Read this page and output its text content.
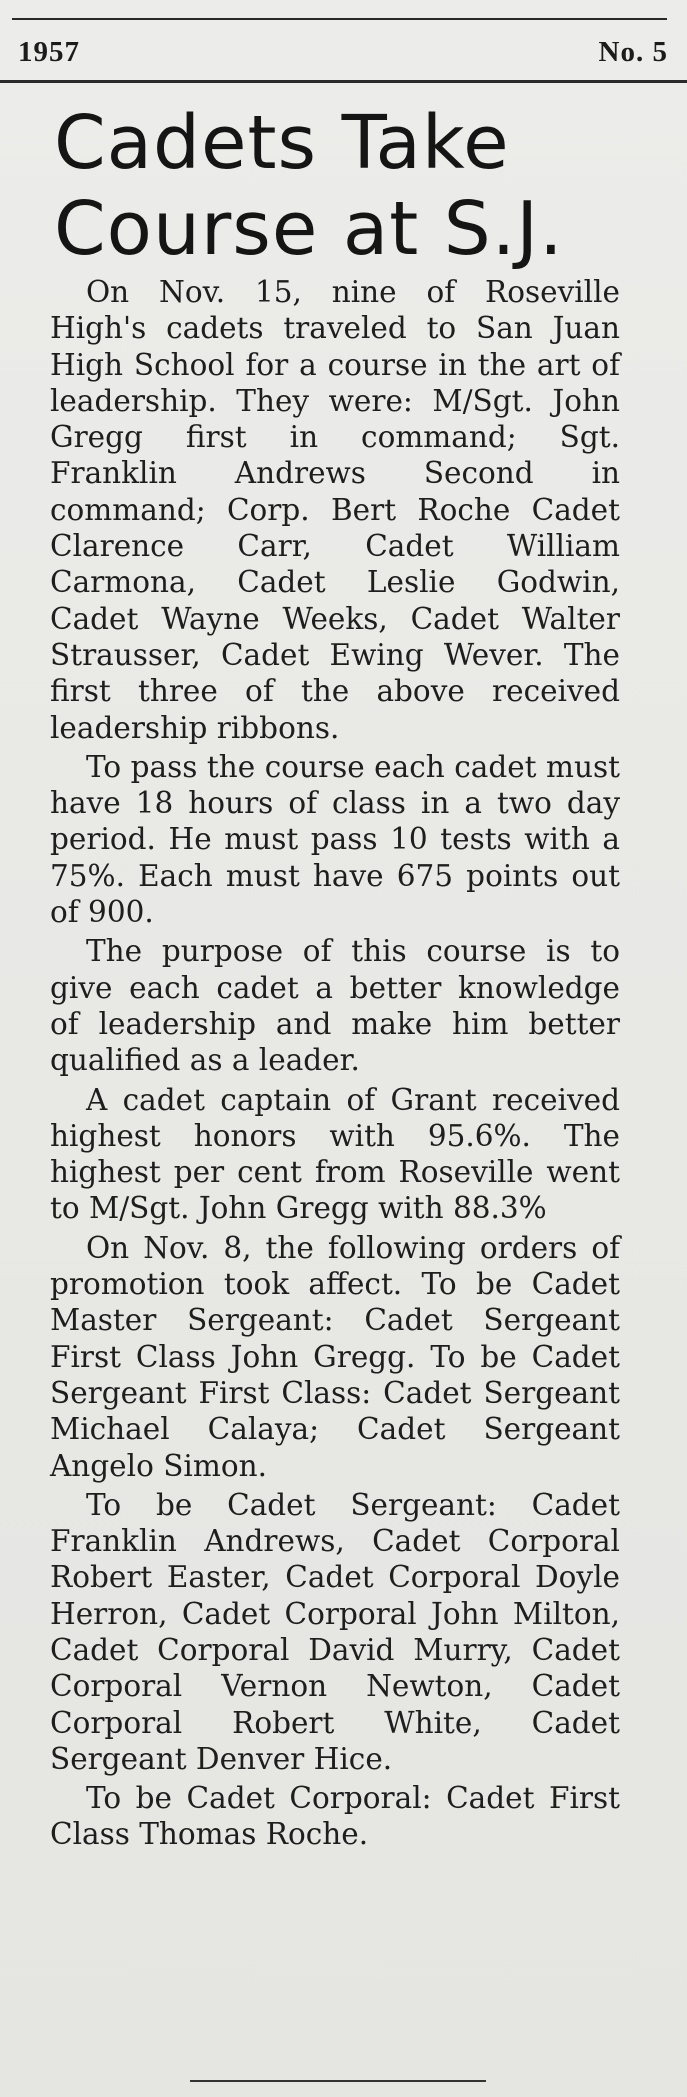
1957	No. 5
Cadets Take
Course at S.J.

On Nov. 15, nine of Roseville High's cadets traveled to San Juan High School for a course in the art of leadership. They were: M/Sgt. John Gregg first in command; Sgt. Franklin Andrews Second in command; Corp. Bert Roche Cadet Clarence Carr, Cadet William Carmona, Cadet Leslie Godwin, Cadet Wayne Weeks, Cadet Walter Strausser, Cadet Ewing Wever. The first three of the above received leadership ribbons.

To pass the course each cadet must have 18 hours of class in a two day period. He must pass 10 tests with a 75%. Each must have 675 points out of 900.

The purpose of this course is to give each cadet a better knowledge of leadership and make him better qualified as a leader.

A cadet captain of Grant received highest honors with 95.6%. The highest per cent from Roseville went to M/Sgt. John Gregg with 88.3%

On Nov. 8, the following orders of promotion took affect. To be Cadet Master Sergeant: Cadet Sergeant First Class John Gregg. To be Cadet Sergeant First Class: Cadet Sergeant Michael Calaya; Cadet Sergeant Angelo Simon.

To be Cadet Sergeant: Cadet Franklin Andrews, Cadet Corporal Robert Easter, Cadet Corporal Doyle Herron, Cadet Corporal John Milton, Cadet Corporal David Murry, Cadet Corporal Vernon Newton, Cadet Corporal Robert White, Cadet Sergeant Denver Hice.

To be Cadet Corporal: Cadet First Class Thomas Roche.
